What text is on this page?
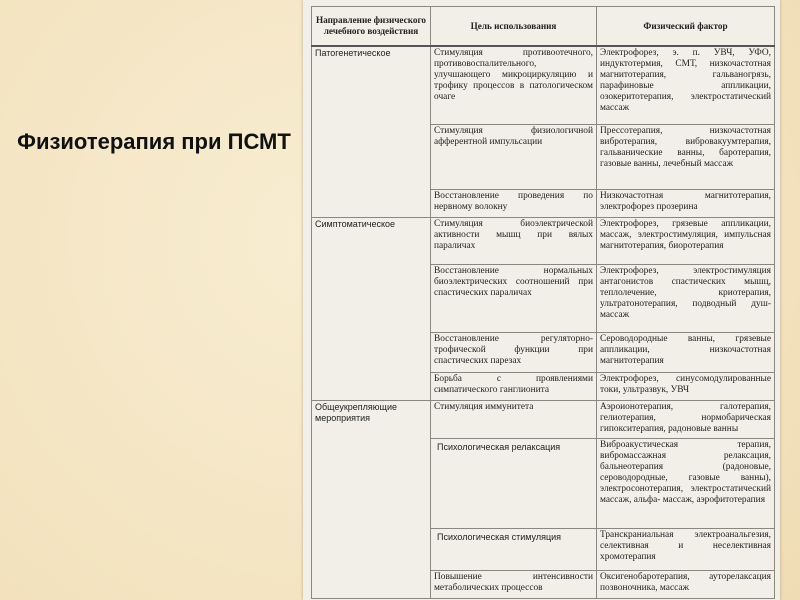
Физиотерапия при ПСМТ
Направление физического лечебного воздействия	Цель использования	Физический фактор
Патогенетическое	Стимуляция противоотечного, противовоспалительного, улучшающего микроциркуляцию и трофику процессов в патологическом очаге	Электрофорез, э. п. УВЧ, УФО, индуктотермия, СМТ, низкочастотная магнитотерапия, гальваногрязь, парафиновые аппликации, озокеритотерапия, электростатический массаж
	Стимуляция физиологичной афферентной импульсации	Прессотерапия, низкочастотная вибротерапия, вибровакуумтерапия, гальванические ванны, баротерапия, газовые ванны, лечебный массаж
	Восстановление проведения по нервному волокну	Низкочастотная магнитотерапия, электрофорез прозерина
Симптоматическое	Стимуляция биоэлектрической активности мышц при вялых параличах	Электрофорез, грязевые аппликации, массаж, электростимуляция, импульсная магнитотерапия, биоротерапия
	Восстановление нормальных биоэлектрических соотношений при спастических параличах	Электрофорез, электростимуляция антагонистов спастических мышц, теплолечение, криотерапия, ультратонотерапия, подводный душ-массаж
	Восстановление регуляторно-трофической функции при спастических парезах	Сероводородные ванны, грязевые аппликации, низкочастотная магнитотерапия
	Борьба с проявлениями симпатического ганглионита	Электрофорез, синусомодулированные токи, ультразвук, УВЧ
Общеукрепляющие мероприятия	Стимуляция иммунитета	Аэроионотерапия, галотерапия, гелиотерапия, нормобарическая гипокситерапия, радоновые ванны
	Психологическая релаксация	Виброакустическая терапия, вибромассажная релаксация, бальнеотерапия (радоновые, сероводородные, газовые ванны), электросонотерапия, электростатический массаж, альфа- массаж, аэрофитотерапия
	Психологическая стимуляция	Транскраниальная электроанальгезия, селективная и неселективная хромотерапия
	Повышение интенсивности метаболических процессов	Оксигенобаротерапия, ауторелаксация позвоночника, массаж
